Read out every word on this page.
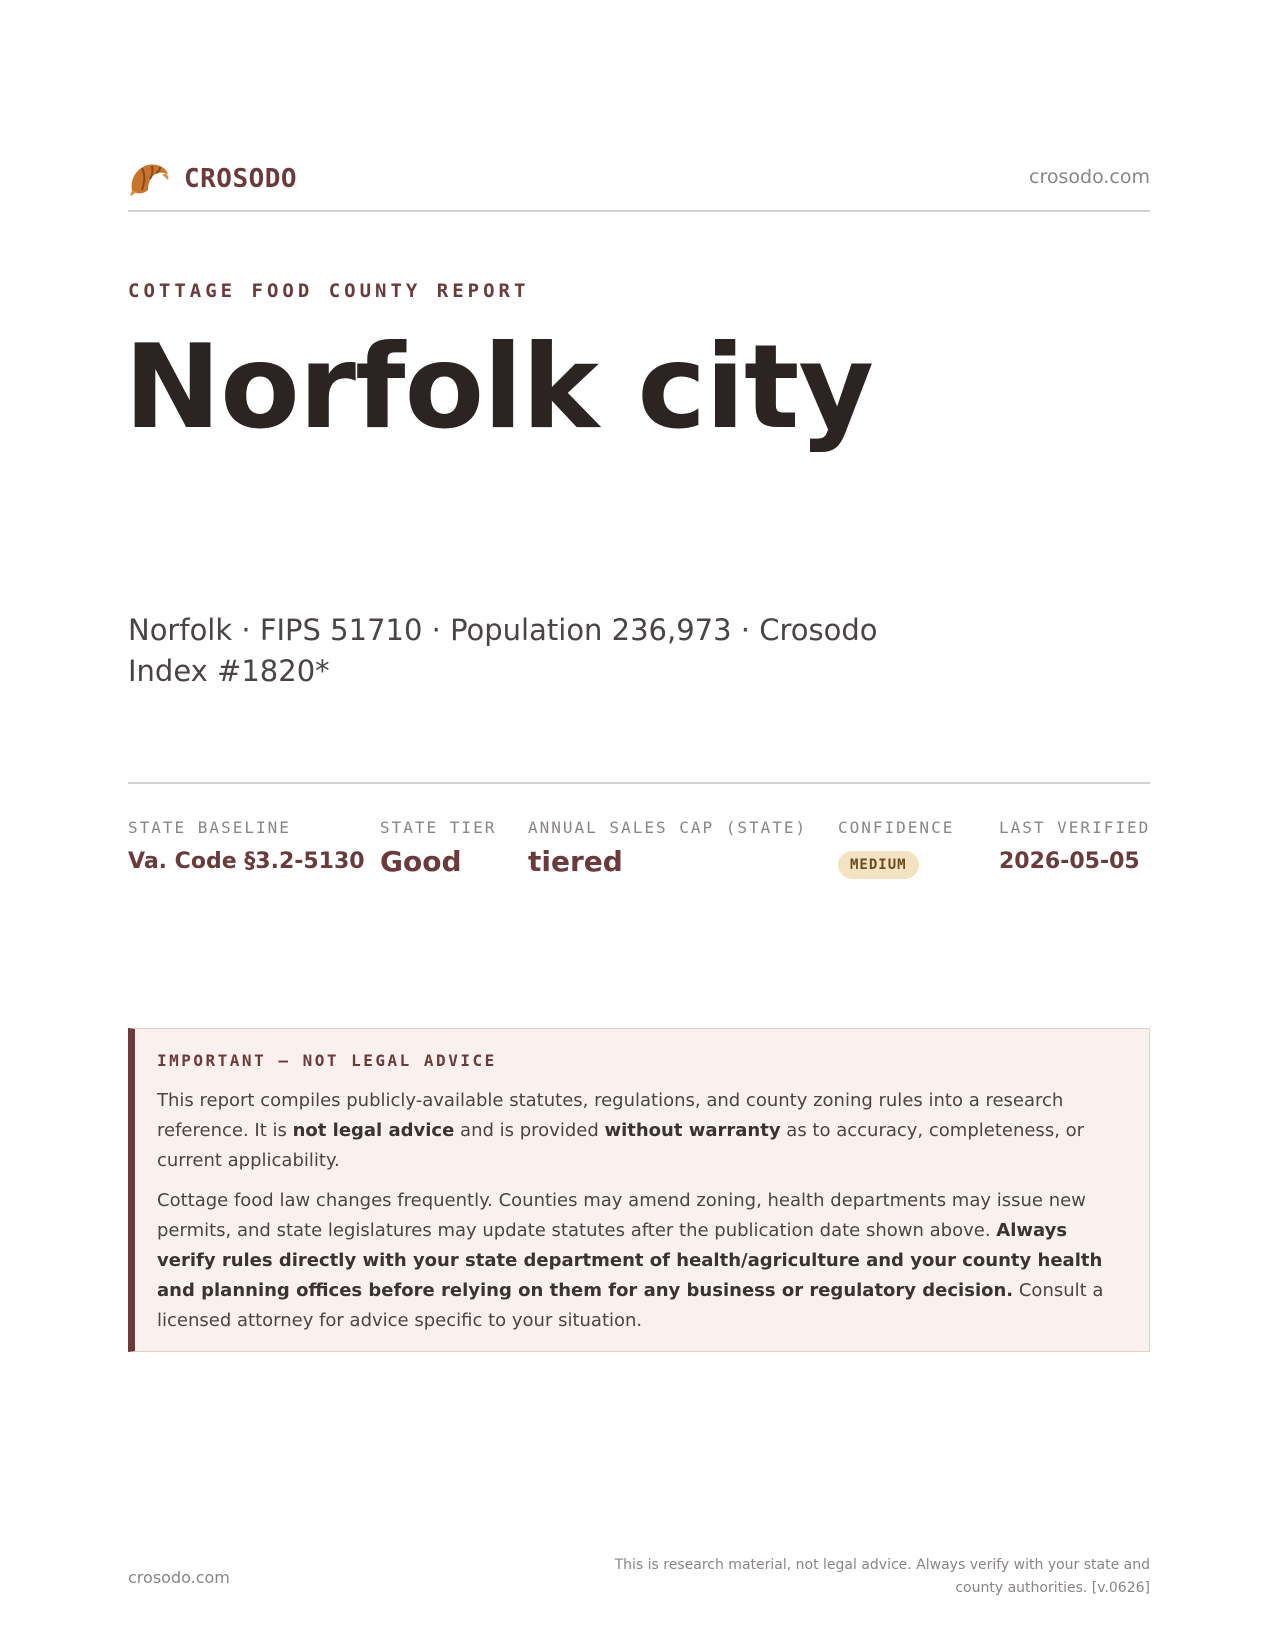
CROSODO	crosodo.com
COTTAGE FOOD COUNTY REPORT
Norfolk city
Norfolk · FIPS 51710 · Population 236,973 · Crosodo Index #1820*
STATE BASELINE
Va. Code §3.2-5130
STATE TIER
Good
ANNUAL SALES CAP (STATE)
tiered
CONFIDENCE
MEDIUM
LAST VERIFIED
2026-05-05
IMPORTANT — NOT LEGAL ADVICE

This report compiles publicly-available statutes, regulations, and county zoning rules into a research reference. It is not legal advice and is provided without warranty as to accuracy, completeness, or current applicability.

Cottage food law changes frequently. Counties may amend zoning, health departments may issue new permits, and state legislatures may update statutes after the publication date shown above. Always verify rules directly with your state department of health/agriculture and your county health and planning offices before relying on them for any business or regulatory decision. Consult a licensed attorney for advice specific to your situation.

crosodo.com
This is research material, not legal advice. Always verify with your state and county authorities. [v.0626]
